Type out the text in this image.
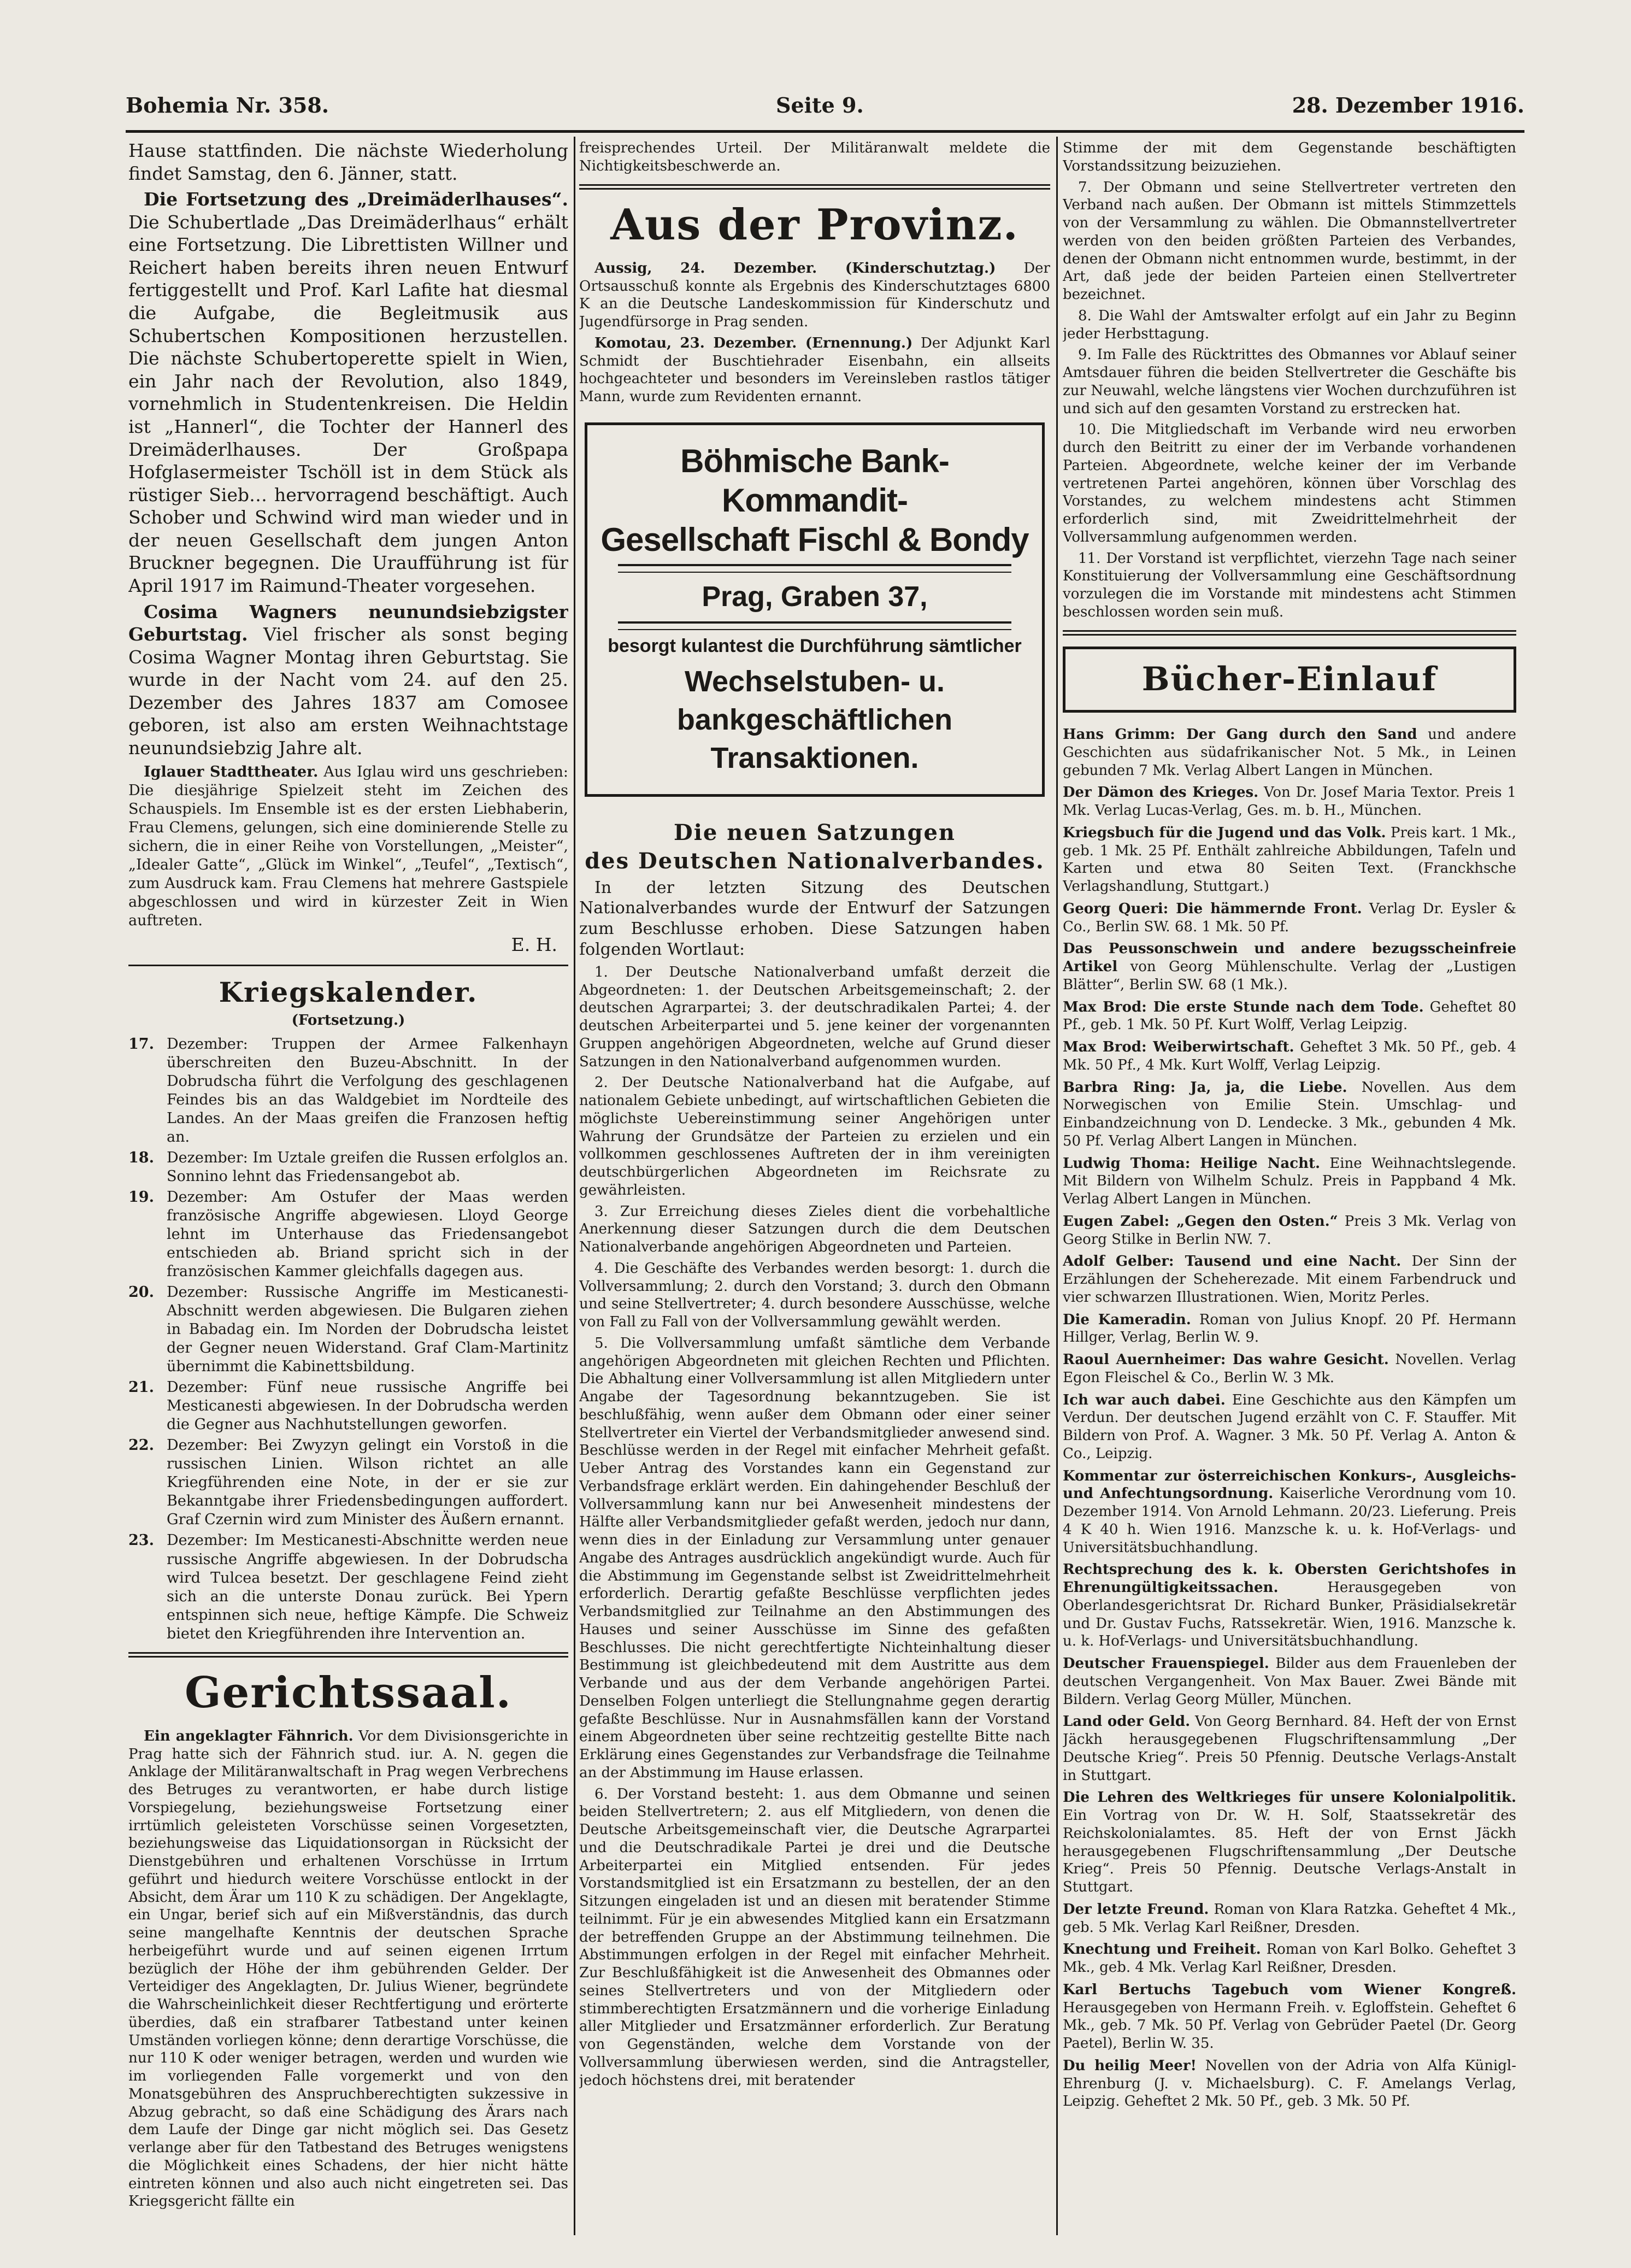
Bohemia Nr. 358.	Seite 9.	28. Dezember 1916.

Hause stattfinden. Die nächste Wiederholung findet Samstag, den 6. Jänner, statt.

Die Fortsetzung des „Dreimäderlhauses“. Die Schubertlade „Das Dreimäderlhaus“ erhält eine Fortsetzung. Die Librettisten Willner und Reichert haben bereits ihren neuen Entwurf fertiggestellt und Prof. Karl Lafite hat diesmal die Aufgabe, die Begleitmusik aus Schubertschen Kompositionen herzustellen. Die nächste Schubertoperette spielt in Wien, ein Jahr nach der Revolution, also 1849, vornehmlich in Studentenkreisen. Die Heldin ist „Hannerl“, die Tochter der Hannerl des Dreimäderlhauses. Der Großpapa Hofglasermeister Tschöll ist in dem Stück als rüstiger Sieb… hervorragend beschäftigt. Auch Schober und Schwind wird man wieder und in der neuen Gesellschaft dem jungen Anton Bruckner begegnen. Die Uraufführung ist für April 1917 im Raimund-Theater vorgesehen.

Cosima Wagners neunundsiebzigster Geburtstag. Viel frischer als sonst beging Cosima Wagner Montag ihren Geburtstag. Sie wurde in der Nacht vom 24. auf den 25. Dezember des Jahres 1837 am Comosee geboren, ist also am ersten Weihnachtstage neunundsiebzig Jahre alt.

Iglauer Stadttheater. Aus Iglau wird uns geschrieben: Die diesjährige Spielzeit steht im Zeichen des Schauspiels. Im Ensemble ist es der ersten Liebhaberin, Frau Clemens, gelungen, sich eine dominierende Stelle zu sichern, die in einer Reihe von Vorstellungen, „Meister“, „Idealer Gatte“, „Glück im Winkel“, „Teufel“, „Textisch“, zum Ausdruck kam. Frau Clemens hat mehrere Gastspiele abgeschlossen und wird in kürzester Zeit in Wien auftreten.

E. H.

Kriegskalender.
(Fortsetzung.)
17. Dezember: Truppen der Armee Falkenhayn überschreiten den Buzeu-Abschnitt. In der Dobrudscha führt die Verfolgung des geschlagenen Feindes bis an das Waldgebiet im Nordteile des Landes. An der Maas greifen die Franzosen heftig an.
18. Dezember: Im Uztale greifen die Russen erfolglos an. Sonnino lehnt das Friedensangebot ab.
19. Dezember: Am Ostufer der Maas werden französische Angriffe abgewiesen. Lloyd George lehnt im Unterhause das Friedensangebot entschieden ab. Briand spricht sich in der französischen Kammer gleichfalls dagegen aus.
20. Dezember: Russische Angriffe im Mesticanesti-Abschnitt werden abgewiesen. Die Bulgaren ziehen in Babadag ein. Im Norden der Dobrudscha leistet der Gegner neuen Widerstand. Graf Clam-Martinitz übernimmt die Kabinettsbildung.
21. Dezember: Fünf neue russische Angriffe bei Mesticanesti abgewiesen. In der Dobrudscha werden die Gegner aus Nachhutstellungen geworfen.
22. Dezember: Bei Zwyzyn gelingt ein Vorstoß in die russischen Linien. Wilson richtet an alle Kriegführenden eine Note, in der er sie zur Bekanntgabe ihrer Friedensbedingungen auffordert. Graf Czernin wird zum Minister des Äußern ernannt.
23. Dezember: Im Mesticanesti-Abschnitte werden neue russische Angriffe abgewiesen. In der Dobrudscha wird Tulcea besetzt. Der geschlagene Feind zieht sich an die unterste Donau zurück. Bei Ypern entspinnen sich neue, heftige Kämpfe. Die Schweiz bietet den Kriegführenden ihre Intervention an.
Gerichtssaal.

Ein angeklagter Fähnrich. Vor dem Divisionsgerichte in Prag hatte sich der Fähnrich stud. iur. A. N. gegen die Anklage der Militäranwaltschaft in Prag wegen Verbrechens des Betruges zu verantworten, er habe durch listige Vorspiegelung, beziehungsweise Fortsetzung einer irrtümlich geleisteten Vorschüsse seinen Vorgesetzten, beziehungsweise das Liquidationsorgan in Rücksicht der Dienstgebühren und erhaltenen Vorschüsse in Irrtum geführt und hiedurch weitere Vorschüsse entlockt in der Absicht, dem Ärar um 110 K zu schädigen. Der Angeklagte, ein Ungar, berief sich auf ein Mißverständnis, das durch seine mangelhafte Kenntnis der deutschen Sprache herbeigeführt wurde und auf seinen eigenen Irrtum bezüglich der Höhe der ihm gebührenden Gelder. Der Verteidiger des Angeklagten, Dr. Julius Wiener, begründete die Wahrscheinlichkeit dieser Rechtfertigung und erörterte überdies, daß ein strafbarer Tatbestand unter keinen Umständen vorliegen könne; denn derartige Vorschüsse, die nur 110 K oder weniger betragen, werden und wurden wie im vorliegenden Falle vorgemerkt und von den Monatsgebühren des Anspruchberechtigten sukzessive in Abzug gebracht, so daß eine Schädigung des Ärars nach dem Laufe der Dinge gar nicht möglich sei. Das Gesetz verlange aber für den Tatbestand des Betruges wenigstens die Möglichkeit eines Schadens, der hier nicht hätte eintreten können und also auch nicht eingetreten sei. Das Kriegsgericht fällte ein

freisprechendes Urteil. Der Militäranwalt meldete die Nichtigkeitsbeschwerde an.

Aus der Provinz.

Aussig, 24. Dezember. (Kinderschutztag.) Der Ortsausschuß konnte als Ergebnis des Kinderschutztages 6800 K an die Deutsche Landeskommission für Kinderschutz und Jugendfürsorge in Prag senden.

Komotau, 23. Dezember. (Ernennung.) Der Adjunkt Karl Schmidt der Buschtiehrader Eisenbahn, ein allseits hochgeachteter und besonders im Vereinsleben rastlos tätiger Mann, wurde zum Revidenten ernannt.

Böhmische Bank-Kommandit-
Gesellschaft Fischl & Bondy
Prag, Graben 37,
besorgt kulantest die Durchführung sämtlicher
Wechselstuben- u. bankgeschäftlichen
Transaktionen.
Die neuen Satzungen
des Deutschen Nationalverbandes.

In der letzten Sitzung des Deutschen Nationalverbandes wurde der Entwurf der Satzungen zum Beschlusse erhoben. Diese Satzungen haben folgenden Wortlaut:

1. Der Deutsche Nationalverband umfaßt derzeit die Abgeordneten: 1. der Deutschen Arbeitsgemeinschaft; 2. der deutschen Agrarpartei; 3. der deutschradikalen Partei; 4. der deutschen Arbeiterpartei und 5. jene keiner der vorgenannten Gruppen angehörigen Abgeordneten, welche auf Grund dieser Satzungen in den Nationalverband aufgenommen wurden.

2. Der Deutsche Nationalverband hat die Aufgabe, auf nationalem Gebiete unbedingt, auf wirtschaftlichen Gebieten die möglichste Uebereinstimmung seiner Angehörigen unter Wahrung der Grundsätze der Parteien zu erzielen und ein vollkommen geschlossenes Auftreten der in ihm vereinigten deutschbürgerlichen Abgeordneten im Reichsrate zu gewährleisten.

3. Zur Erreichung dieses Zieles dient die vorbehaltliche Anerkennung dieser Satzungen durch die dem Deutschen Nationalverbande angehörigen Abgeordneten und Parteien.

4. Die Geschäfte des Verbandes werden besorgt: 1. durch die Vollversammlung; 2. durch den Vorstand; 3. durch den Obmann und seine Stellvertreter; 4. durch besondere Ausschüsse, welche von Fall zu Fall von der Vollversammlung gewählt werden.

5. Die Vollversammlung umfaßt sämtliche dem Verbande angehörigen Abgeordneten mit gleichen Rechten und Pflichten. Die Abhaltung einer Vollversammlung ist allen Mitgliedern unter Angabe der Tagesordnung bekanntzugeben. Sie ist beschlußfähig, wenn außer dem Obmann oder einer seiner Stellvertreter ein Viertel der Verbandsmitglieder anwesend sind. Beschlüsse werden in der Regel mit einfacher Mehrheit gefaßt. Ueber Antrag des Vorstandes kann ein Gegenstand zur Verbandsfrage erklärt werden. Ein dahingehender Beschluß der Vollversammlung kann nur bei Anwesenheit mindestens der Hälfte aller Verbandsmitglieder gefaßt werden, jedoch nur dann, wenn dies in der Einladung zur Versammlung unter genauer Angabe des Antrages ausdrücklich angekündigt wurde. Auch für die Abstimmung im Gegenstande selbst ist Zweidrittelmehrheit erforderlich. Derartig gefaßte Beschlüsse verpflichten jedes Verbandsmitglied zur Teilnahme an den Abstimmungen des Hauses und seiner Ausschüsse im Sinne des gefaßten Beschlusses. Die nicht gerechtfertigte Nichteinhaltung dieser Bestimmung ist gleichbedeutend mit dem Austritte aus dem Verbande und aus der dem Verbande angehörigen Partei. Denselben Folgen unterliegt die Stellungnahme gegen derartig gefaßte Beschlüsse. Nur in Ausnahmsfällen kann der Vorstand einem Abgeordneten über seine rechtzeitig gestellte Bitte nach Erklärung eines Gegenstandes zur Verbandsfrage die Teilnahme an der Abstimmung im Hause erlassen.

6. Der Vorstand besteht: 1. aus dem Obmanne und seinen beiden Stellvertretern; 2. aus elf Mitgliedern, von denen die Deutsche Arbeitsgemeinschaft vier, die Deutsche Agrarpartei und die Deutschradikale Partei je drei und die Deutsche Arbeiterpartei ein Mitglied entsenden. Für jedes Vorstandsmitglied ist ein Ersatzmann zu bestellen, der an den Sitzungen eingeladen ist und an diesen mit beratender Stimme teilnimmt. Für je ein abwesendes Mitglied kann ein Ersatzmann der betreffenden Gruppe an der Abstimmung teilnehmen. Die Abstimmungen erfolgen in der Regel mit einfacher Mehrheit. Zur Beschlußfähigkeit ist die Anwesenheit des Obmannes oder seines Stellvertreters und von der Mitgliedern oder stimmberechtigten Ersatzmännern und die vorherige Einladung aller Mitglieder und Ersatzmänner erforderlich. Zur Beratung von Gegenständen, welche dem Vorstande von der Vollversammlung überwiesen werden, sind die Antragsteller, jedoch höchstens drei, mit beratender

Stimme der mit dem Gegenstande beschäftigten Vorstandssitzung beizuziehen.

7. Der Obmann und seine Stellvertreter vertreten den Verband nach außen. Der Obmann ist mittels Stimmzettels von der Versammlung zu wählen. Die Obmannstellvertreter werden von den beiden größten Parteien des Verbandes, denen der Obmann nicht entnommen wurde, bestimmt, in der Art, daß jede der beiden Parteien einen Stellvertreter bezeichnet.

8. Die Wahl der Amtswalter erfolgt auf ein Jahr zu Beginn jeder Herbsttagung.

9. Im Falle des Rücktrittes des Obmannes vor Ablauf seiner Amtsdauer führen die beiden Stellvertreter die Geschäfte bis zur Neuwahl, welche längstens vier Wochen durchzuführen ist und sich auf den gesamten Vorstand zu erstrecken hat.

10. Die Mitgliedschaft im Verbande wird neu erworben durch den Beitritt zu einer der im Verbande vorhandenen Parteien. Abgeordnete, welche keiner der im Verbande vertretenen Partei angehören, können über Vorschlag des Vorstandes, zu welchem mindestens acht Stimmen erforderlich sind, mit Zweidrittelmehrheit der Vollversammlung aufgenommen werden.

11. Der Vorstand ist verpflichtet, vierzehn Tage nach seiner Konstituierung der Vollversammlung eine Geschäftsordnung vorzulegen die im Vorstande mit mindestens acht Stimmen beschlossen worden sein muß.

Bücher-Einlauf

Hans Grimm: Der Gang durch den Sand und andere Geschichten aus südafrikanischer Not. 5 Mk., in Leinen gebunden 7 Mk. Verlag Albert Langen in München.

Der Dämon des Krieges. Von Dr. Josef Maria Textor. Preis 1 Mk. Verlag Lucas-Verlag, Ges. m. b. H., München.

Kriegsbuch für die Jugend und das Volk. Preis kart. 1 Mk., geb. 1 Mk. 25 Pf. Enthält zahlreiche Abbildungen, Tafeln und Karten und etwa 80 Seiten Text. (Franckhsche Verlagshandlung, Stuttgart.)

Georg Queri: Die hämmernde Front. Verlag Dr. Eysler & Co., Berlin SW. 68. 1 Mk. 50 Pf.

Das Peussonschwein und andere bezugsscheinfreie Artikel von Georg Mühlenschulte. Verlag der „Lustigen Blätter“, Berlin SW. 68 (1 Mk.).

Max Brod: Die erste Stunde nach dem Tode. Geheftet 80 Pf., geb. 1 Mk. 50 Pf. Kurt Wolff, Verlag Leipzig.

Max Brod: Weiberwirtschaft. Geheftet 3 Mk. 50 Pf., geb. 4 Mk. 50 Pf., 4 Mk. Kurt Wolff, Verlag Leipzig.

Barbra Ring: Ja, ja, die Liebe. Novellen. Aus dem Norwegischen von Emilie Stein. Umschlag- und Einbandzeichnung von D. Lendecke. 3 Mk., gebunden 4 Mk. 50 Pf. Verlag Albert Langen in München.

Ludwig Thoma: Heilige Nacht. Eine Weihnachtslegende. Mit Bildern von Wilhelm Schulz. Preis in Pappband 4 Mk. Verlag Albert Langen in München.

Eugen Zabel: „Gegen den Osten.“ Preis 3 Mk. Verlag von Georg Stilke in Berlin NW. 7.

Adolf Gelber: Tausend und eine Nacht. Der Sinn der Erzählungen der Scheherezade. Mit einem Farbendruck und vier schwarzen Illustrationen. Wien, Moritz Perles.

Die Kameradin. Roman von Julius Knopf. 20 Pf. Hermann Hillger, Verlag, Berlin W. 9.

Raoul Auernheimer: Das wahre Gesicht. Novellen. Verlag Egon Fleischel & Co., Berlin W. 3 Mk.

Ich war auch dabei. Eine Geschichte aus den Kämpfen um Verdun. Der deutschen Jugend erzählt von C. F. Stauffer. Mit Bildern von Prof. A. Wagner. 3 Mk. 50 Pf. Verlag A. Anton & Co., Leipzig.

Kommentar zur österreichischen Konkurs-, Ausgleichs- und Anfechtungsordnung. Kaiserliche Verordnung vom 10. Dezember 1914. Von Arnold Lehmann. 20/23. Lieferung. Preis 4 K 40 h. Wien 1916. Manzsche k. u. k. Hof-Verlags- und Universitätsbuchhandlung.

Rechtsprechung des k. k. Obersten Gerichtshofes in Ehrenungültigkeitssachen.	Herausgegeben von Oberlandesgerichtsrat Dr. Richard Bunker, Präsidialsekretär und Dr. Gustav Fuchs, Ratssekretär. Wien, 1916. Manzsche k. u. k. Hof-Verlags- und Universitätsbuchhandlung.

Deutscher Frauenspiegel. Bilder aus dem Frauenleben der deutschen Vergangenheit. Von Max Bauer. Zwei Bände mit Bildern. Verlag Georg Müller, München.

Land oder Geld. Von Georg Bernhard. 84. Heft der von Ernst Jäckh herausgegebenen Flugschriftensammlung „Der Deutsche Krieg“. Preis 50 Pfennig. Deutsche Verlags-Anstalt in Stuttgart.

Die Lehren des Weltkrieges für unsere Kolonialpolitik. Ein Vortrag von Dr. W. H. Solf, Staatssekretär des Reichskolonialamtes. 85. Heft der von Ernst Jäckh herausgegebenen Flugschriftensammlung „Der Deutsche Krieg“. Preis 50 Pfennig. Deutsche Verlags-Anstalt in Stuttgart.

Der letzte Freund. Roman von Klara Ratzka. Geheftet 4 Mk., geb. 5 Mk. Verlag Karl Reißner, Dresden.

Knechtung und Freiheit. Roman von Karl Bolko. Geheftet 3 Mk., geb. 4 Mk. Verlag Karl Reißner, Dresden.

Karl Bertuchs Tagebuch vom Wiener Kongreß. Herausgegeben von Hermann Freih. v. Egloffstein. Geheftet 6 Mk., geb. 7 Mk. 50 Pf. Verlag von Gebrüder Paetel (Dr. Georg Paetel), Berlin W. 35.

Du heilig Meer! Novellen von der Adria von Alfa Künigl-Ehrenburg (J. v. Michaelsburg). C. F. Amelangs Verlag, Leipzig. Geheftet 2 Mk. 50 Pf., geb. 3 Mk. 50 Pf.
